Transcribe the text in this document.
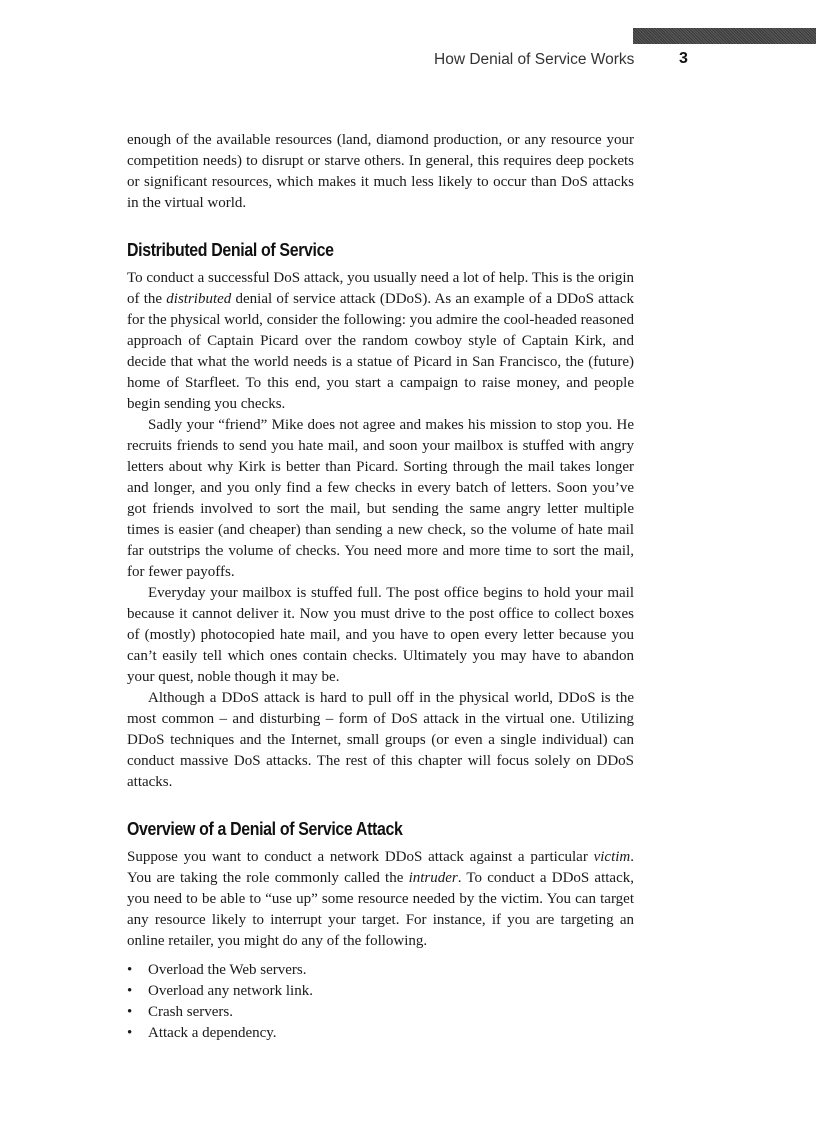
How Denial of Service Works	3

enough of the available resources (land, diamond production, or any resource your competition needs) to disrupt or starve others. In general, this requires deep pockets or significant resources, which makes it much less likely to occur than DoS attacks in the virtual world.

Distributed Denial of Service

To conduct a successful DoS attack, you usually need a lot of help. This is the origin of the distributed denial of service attack (DDoS). As an example of a DDoS attack for the physical world, consider the following: you admire the cool-headed reasoned approach of Captain Picard over the random cowboy style of Captain Kirk, and decide that what the world needs is a statue of Picard in San Francisco, the (future) home of Starfleet. To this end, you start a campaign to raise money, and people begin sending you checks.

Sadly your “friend” Mike does not agree and makes his mission to stop you. He recruits friends to send you hate mail, and soon your mailbox is stuffed with angry letters about why Kirk is better than Picard. Sorting through the mail takes longer and longer, and you only find a few checks in every batch of letters. Soon you’ve got friends involved to sort the mail, but sending the same angry letter multiple times is easier (and cheaper) than sending a new check, so the volume of hate mail far outstrips the volume of checks. You need more and more time to sort the mail, for fewer payoffs.

Everyday your mailbox is stuffed full. The post office begins to hold your mail because it cannot deliver it. Now you must drive to the post office to collect boxes of (mostly) photocopied hate mail, and you have to open every letter because you can’t easily tell which ones contain checks. Ultimately you may have to abandon your quest, noble though it may be.

Although a DDoS attack is hard to pull off in the physical world, DDoS is the most common – and disturbing – form of DoS attack in the virtual one. Utilizing DDoS techniques and the Internet, small groups (or even a single individual) can conduct massive DoS attacks. The rest of this chapter will focus solely on DDoS attacks.

Overview of a Denial of Service Attack

Suppose you want to conduct a network DDoS attack against a particular victim. You are taking the role commonly called the intruder. To conduct a DDoS attack, you need to be able to “use up” some resource needed by the victim. You can target any resource likely to interrupt your target. For instance, if you are targeting an online retailer, you might do any of the following.

• Overload the Web servers.
• Overload any network link.
• Crash servers.
• Attack a dependency.
